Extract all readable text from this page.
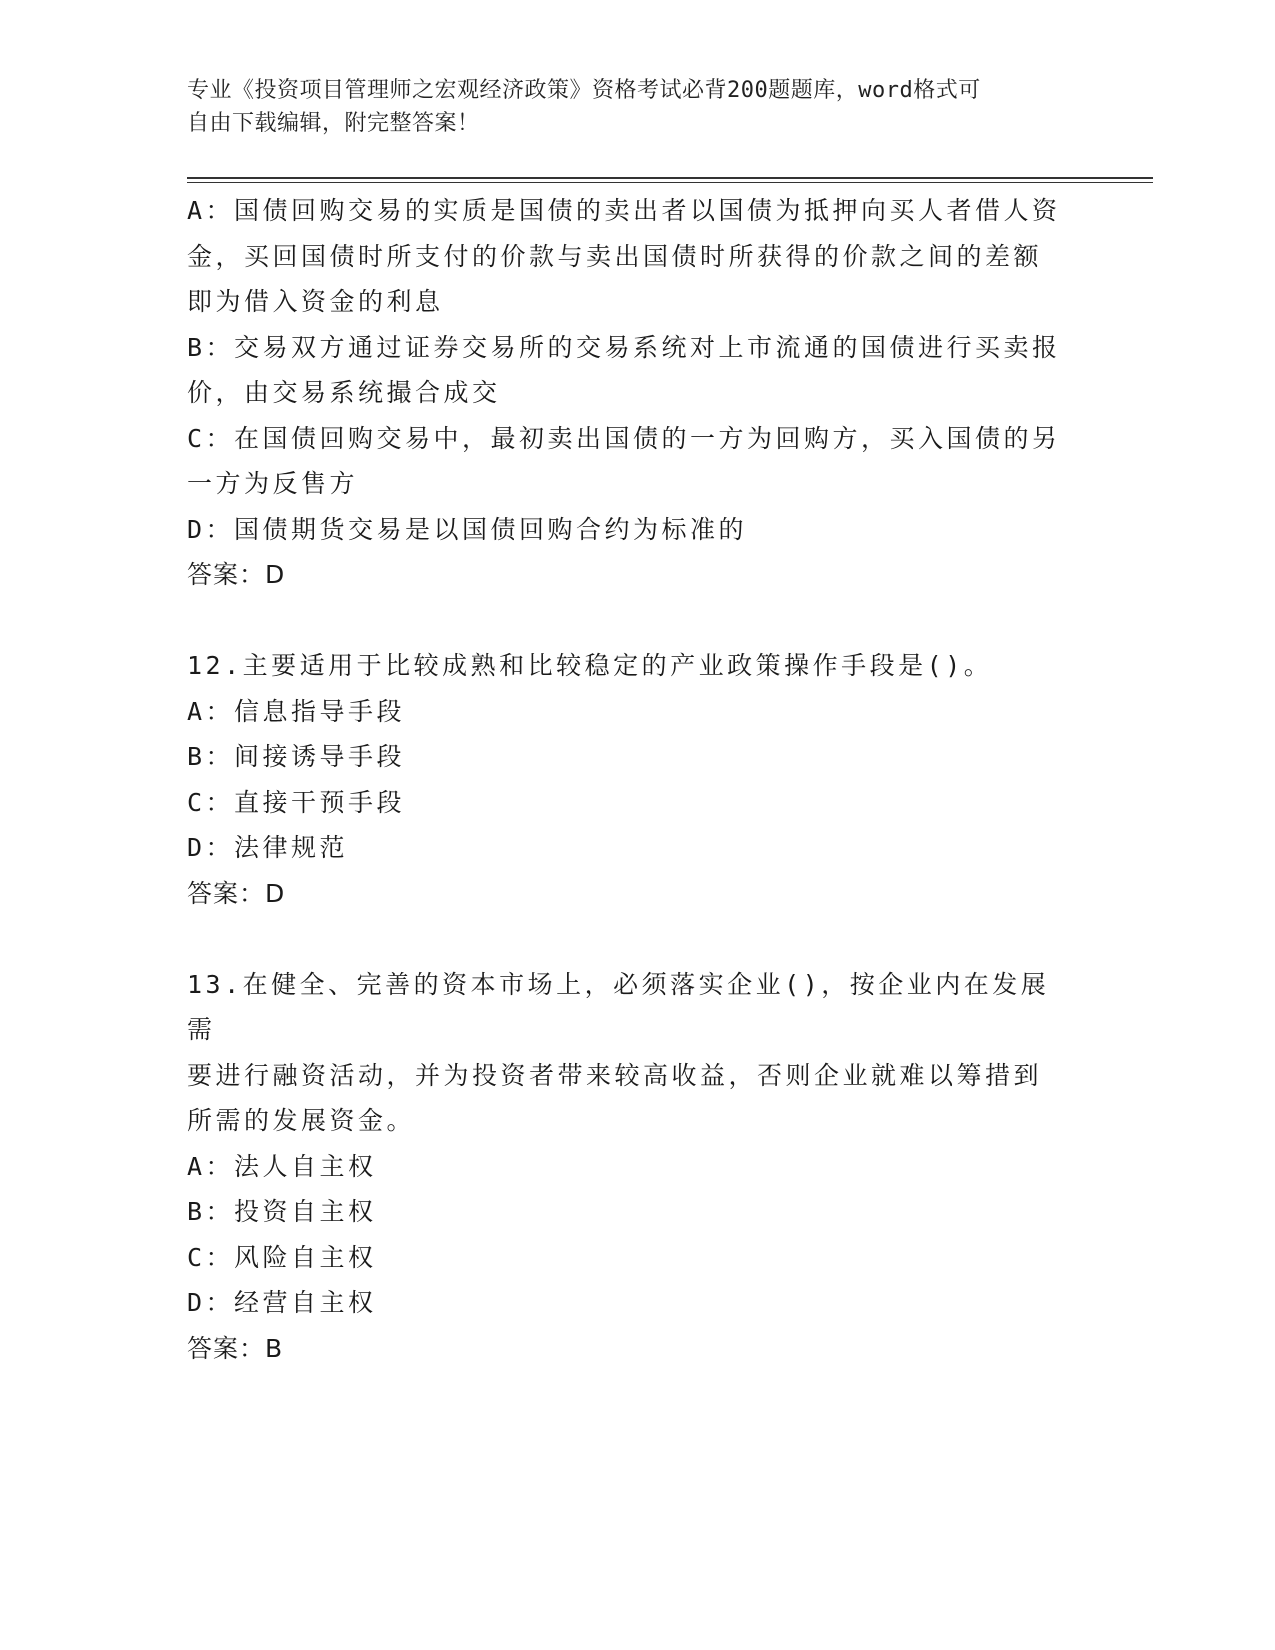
专业《投资项目管理师之宏观经济政策》资格考试必背200题题库，word格式可
自由下载编辑，附完整答案！
A：国债回购交易的实质是国债的卖出者以国债为抵押向买人者借人资
金，买回国债时所支付的价款与卖出国债时所获得的价款之间的差额
即为借入资金的利息
B：交易双方通过证券交易所的交易系统对上市流通的国债进行买卖报
价，由交易系统撮合成交
C：在国债回购交易中，最初卖出国债的一方为回购方，买入国债的另
一方为反售方
D：国债期货交易是以国债回购合约为标准的
答案：D
12.主要适用于比较成熟和比较稳定的产业政策操作手段是()。
A：信息指导手段
B：间接诱导手段
C：直接干预手段
D：法律规范
答案：D
13.在健全、完善的资本市场上，必须落实企业()，按企业内在发展需
要进行融资活动，并为投资者带来较高收益，否则企业就难以筹措到
所需的发展资金。
A：法人自主权
B：投资自主权
C：风险自主权
D：经营自主权
答案：B
